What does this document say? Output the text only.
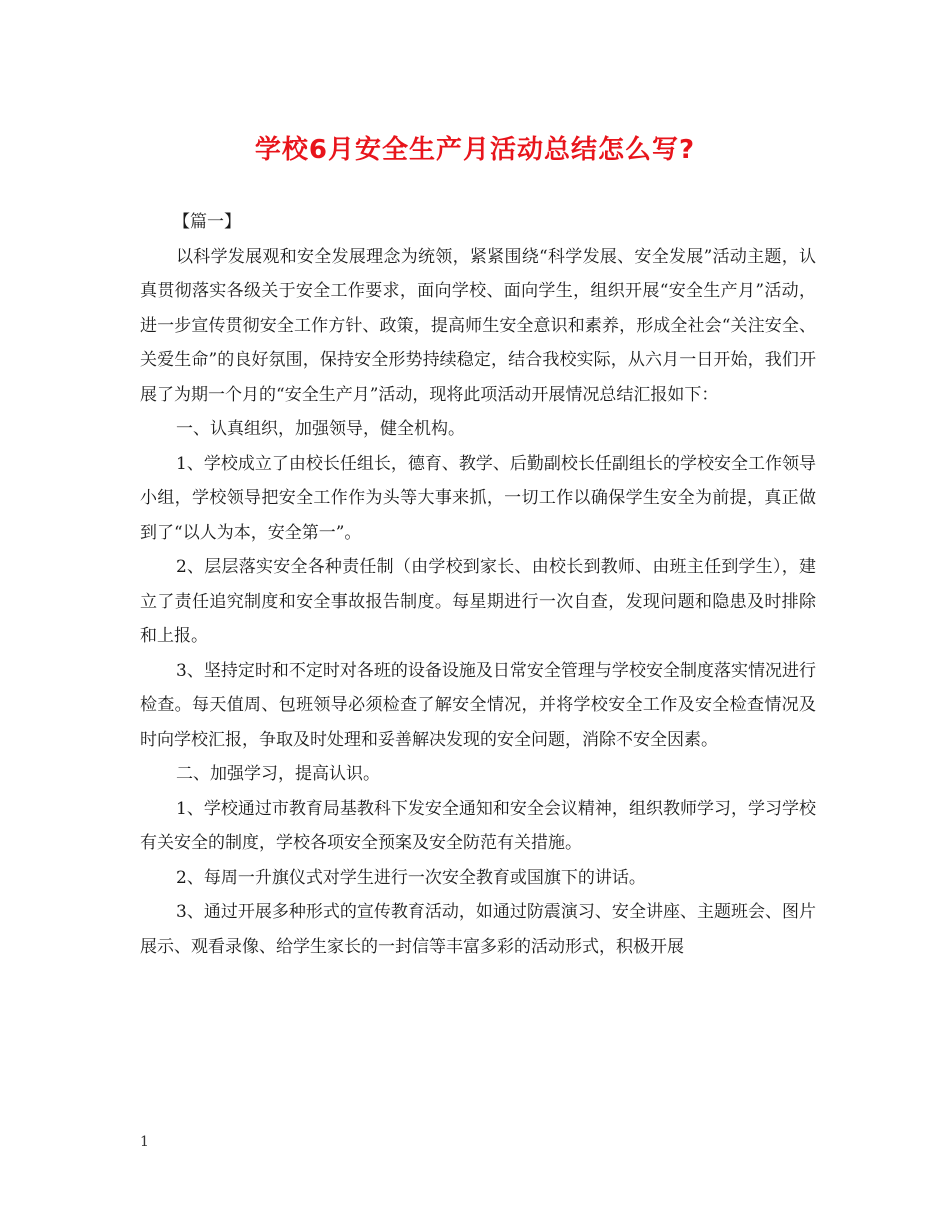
学校6月安全生产月活动总结怎么写?

【篇一】

以科学发展观和安全发展理念为统领，紧紧围绕“科学发展、安全发展”活动主题，认真贯彻落实各级关于安全工作要求，面向学校、面向学生，组织开展“安全生产月”活动，进一步宣传贯彻安全工作方针、政策，提高师生安全意识和素养，形成全社会“关注安全、关爱生命”的良好氛围，保持安全形势持续稳定，结合我校实际，从六月一日开始，我们开展了为期一个月的“安全生产月”活动，现将此项活动开展情况总结汇报如下：

一、认真组织，加强领导，健全机构。

1、学校成立了由校长任组长，德育、教学、后勤副校长任副组长的学校安全工作领导小组，学校领导把安全工作作为头等大事来抓，一切工作以确保学生安全为前提，真正做到了“以人为本，安全第一”。

2、层层落实安全各种责任制（由学校到家长、由校长到教师、由班主任到学生），建立了责任追究制度和安全事故报告制度。每星期进行一次自查，发现问题和隐患及时排除和上报。

3、坚持定时和不定时对各班的设备设施及日常安全管理与学校安全制度落实情况进行检查。每天值周、包班领导必须检查了解安全情况，并将学校安全工作及安全检查情况及时向学校汇报，争取及时处理和妥善解决发现的安全问题，消除不安全因素。

二、加强学习，提高认识。

1、学校通过市教育局基教科下发安全通知和安全会议精神，组织教师学习，学习学校有关安全的制度，学校各项安全预案及安全防范有关措施。

2、每周一升旗仪式对学生进行一次安全教育或国旗下的讲话。

3、通过开展多种形式的宣传教育活动，如通过防震演习、安全讲座、主题班会、图片展示、观看录像、给学生家长的一封信等丰富多彩的活动形式，积极开展

1
